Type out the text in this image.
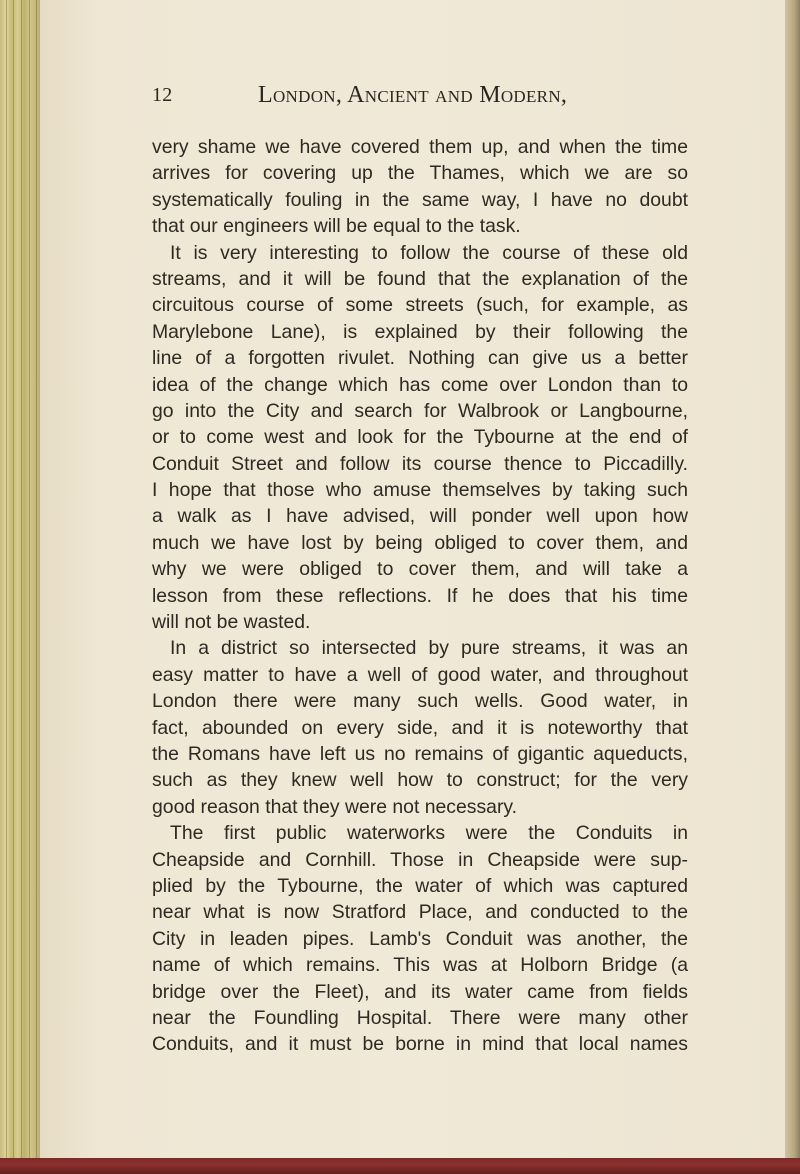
12	London, Ancient and Modern,
very shame we have covered them up, and when the time
arrives for covering up the Thames, which we are so
systematically fouling in the same way, I have no doubt
that our engineers will be equal to the task.
It is very interesting to follow the course of these old
streams, and it will be found that the explanation of the
circuitous course of some streets (such, for example, as
Marylebone Lane), is explained by their following the
line of a forgotten rivulet. Nothing can give us a better
idea of the change which has come over London than to
go into the City and search for Walbrook or Langbourne,
or to come west and look for the Tybourne at the end of
Conduit Street and follow its course thence to Piccadilly.
I hope that those who amuse themselves by taking such
a walk as I have advised, will ponder well upon how
much we have lost by being obliged to cover them, and
why we were obliged to cover them, and will take a
lesson from these reflections. If he does that his time
will not be wasted.
In a district so intersected by pure streams, it was an
easy matter to have a well of good water, and throughout
London there were many such wells. Good water, in
fact, abounded on every side, and it is noteworthy that
the Romans have left us no remains of gigantic aqueducts,
such as they knew well how to construct; for the very
good reason that they were not necessary.
The first public waterworks were the Conduits in
Cheapside and Cornhill. Those in Cheapside were sup-
plied by the Tybourne, the water of which was captured
near what is now Stratford Place, and conducted to the
City in leaden pipes. Lamb's Conduit was another, the
name of which remains. This was at Holborn Bridge (a
bridge over the Fleet), and its water came from fields
near the Foundling Hospital. There were many other
Conduits, and it must be borne in mind that local names
